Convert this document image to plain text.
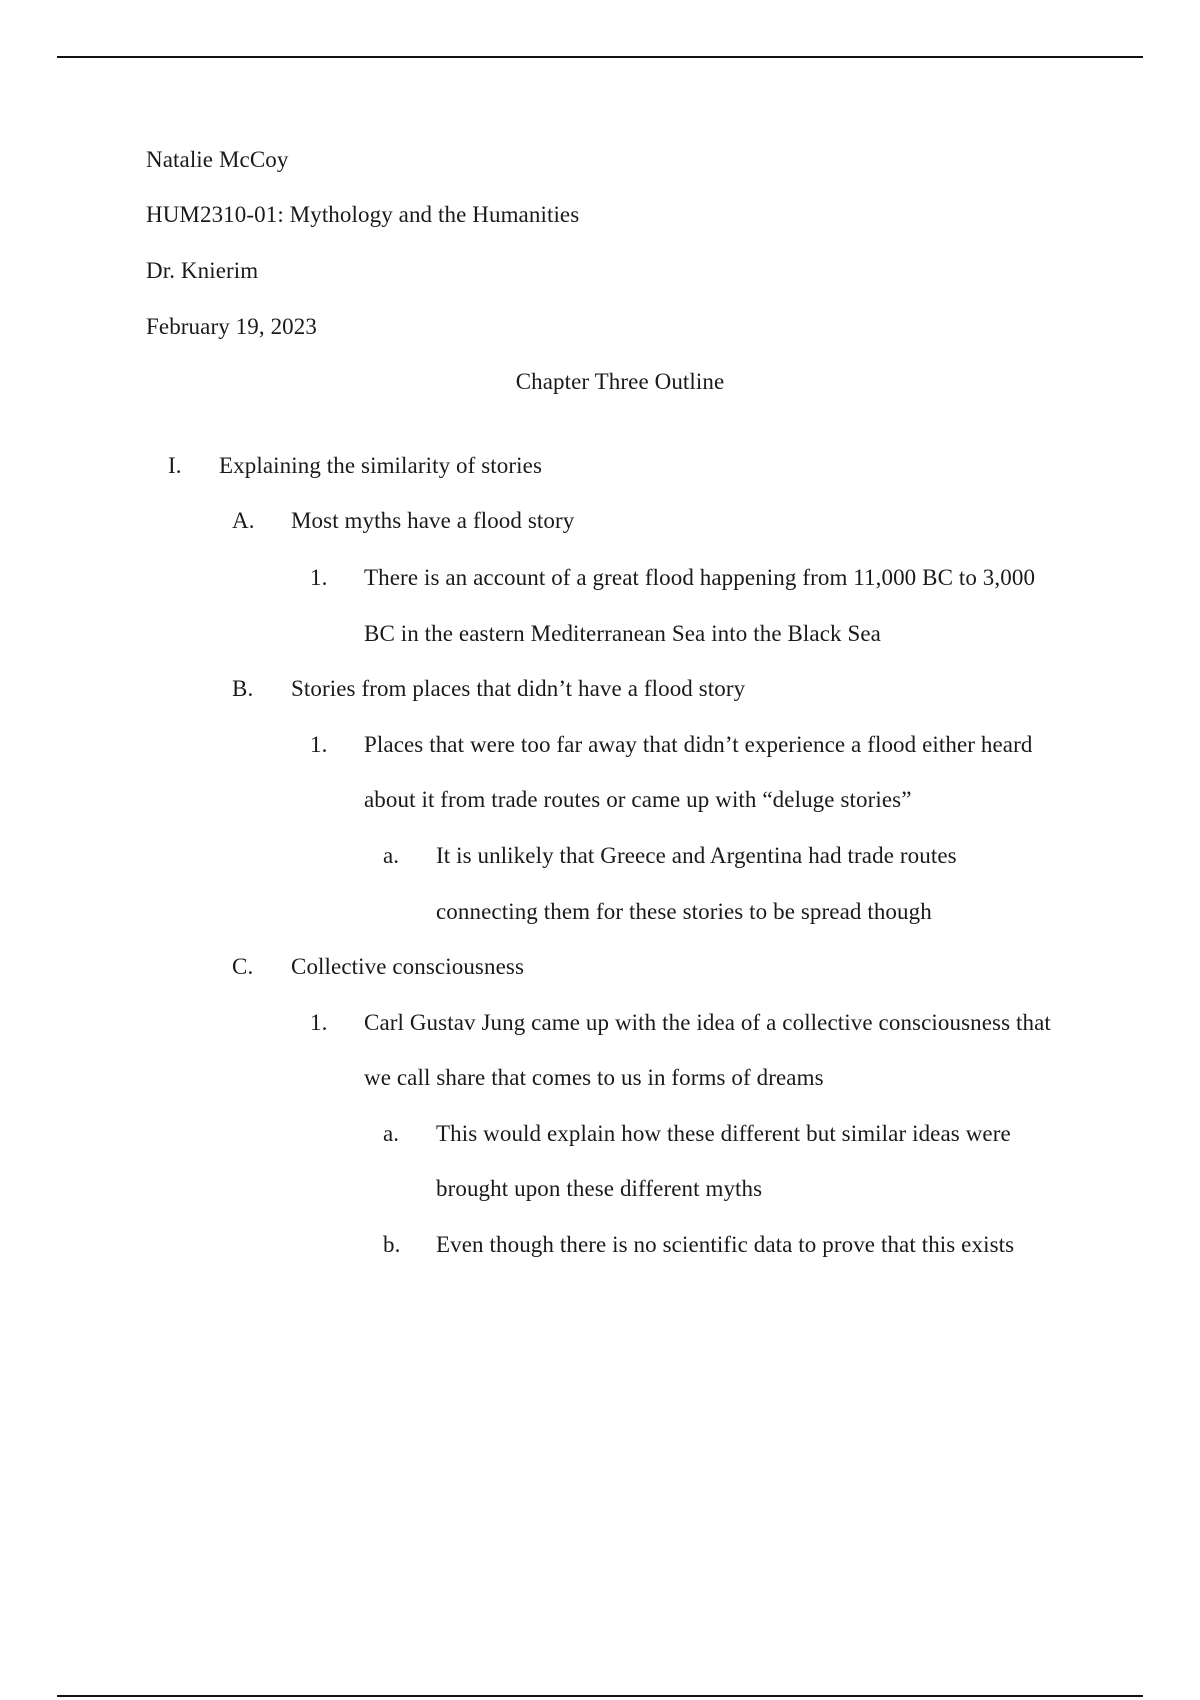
Natalie McCoy
HUM2310-01: Mythology and the Humanities
Dr. Knierim
February 19, 2023
Chapter Three Outline
I. Explaining the similarity of stories
A. Most myths have a flood story
1. There is an account of a great flood happening from 11,000 BC to 3,000
BC in the eastern Mediterranean Sea into the Black Sea
B. Stories from places that didn’t have a flood story
1. Places that were too far away that didn’t experience a flood either heard
about it from trade routes or came up with “deluge stories”
a. It is unlikely that Greece and Argentina had trade routes
connecting them for these stories to be spread though
C. Collective consciousness
1. Carl Gustav Jung came up with the idea of a collective consciousness that
we call share that comes to us in forms of dreams
a. This would explain how these different but similar ideas were
brought upon these different myths
b. Even though there is no scientific data to prove that this exists
